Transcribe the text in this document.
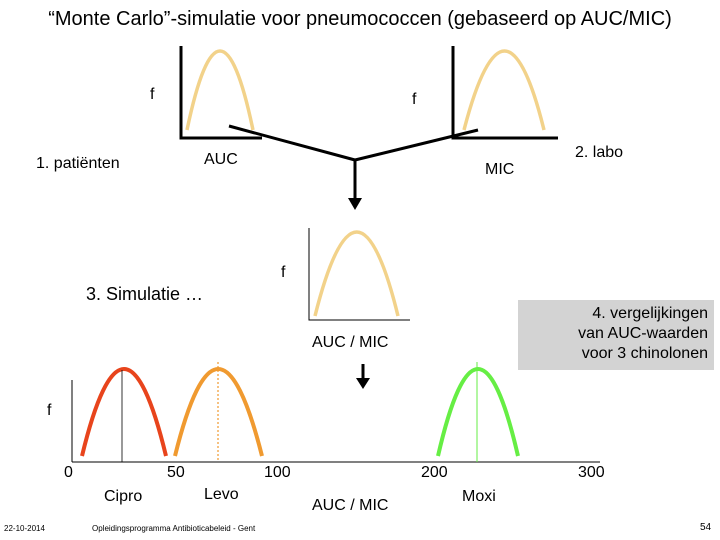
“Monte Carlo”-simulatie voor pneumococcen (gebaseerd op AUC/MIC)
f	f
1. patiënten	AUC
MIC
2. labo
f
3. Simulatie …
AUC / MIC
4. vergelijkingen
van AUC-waarden
voor 3 chinolonen
f
0	50	100	200	300
Cipro	Levo	Moxi
AUC / MIC
22-10-2014	Opleidingsprogramma Antibioticabeleid - Gent	54
